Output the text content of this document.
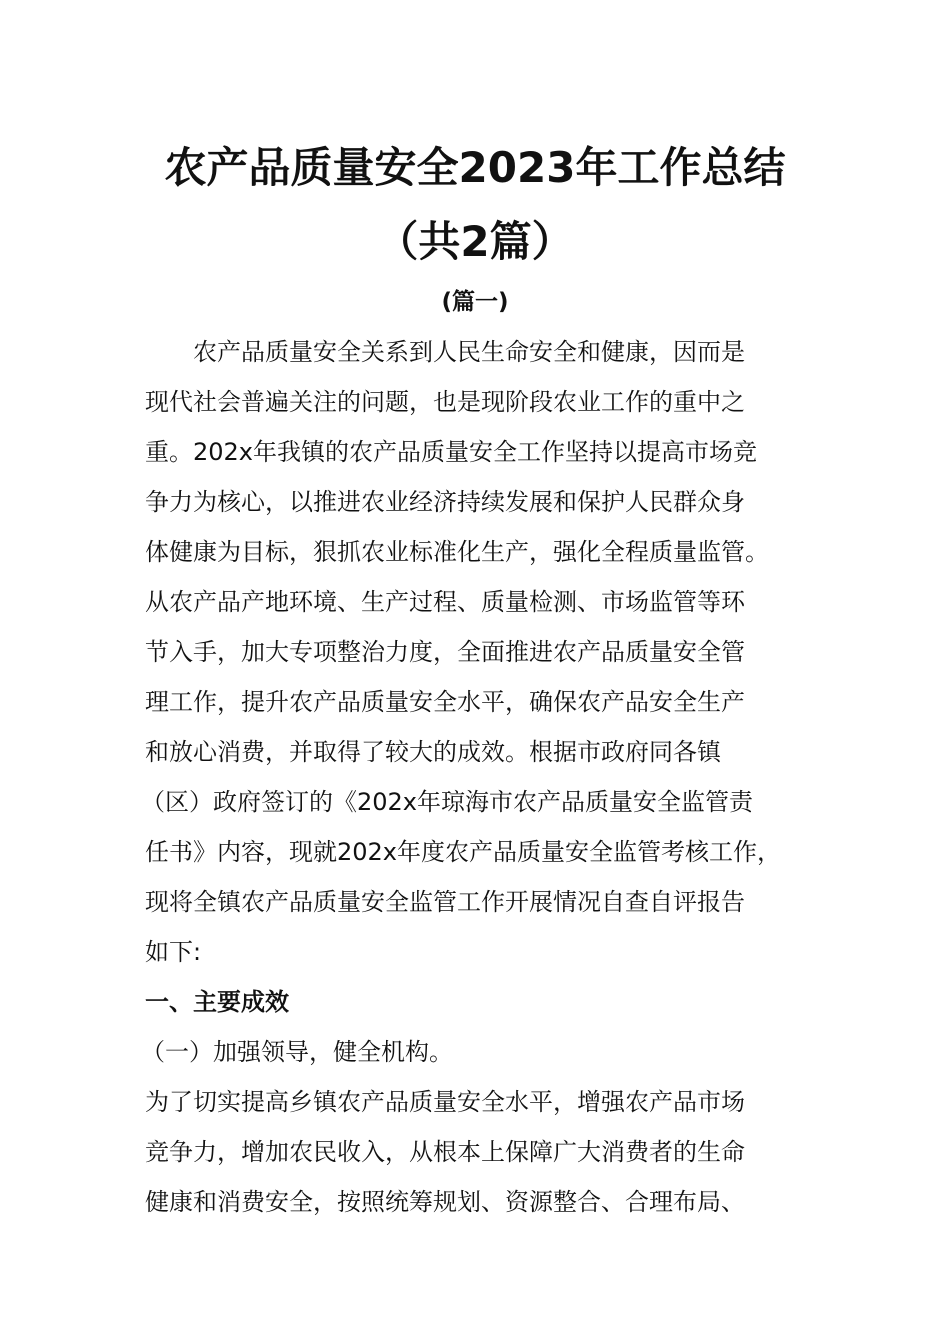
农产品质量安全2023年工作总结
（共2篇）
(篇一)
农产品质量安全关系到人民生命安全和健康，因而是
现代社会普遍关注的问题，也是现阶段农业工作的重中之
重。202x年我镇的农产品质量安全工作坚持以提高市场竞
争力为核心，以推进农业经济持续发展和保护人民群众身
体健康为目标，狠抓农业标准化生产，强化全程质量监管。
从农产品产地环境、生产过程、质量检测、市场监管等环
节入手，加大专项整治力度，全面推进农产品质量安全管
理工作，提升农产品质量安全水平，确保农产品安全生产
和放心消费，并取得了较大的成效。根据市政府同各镇
（区）政府签订的《202x年琼海市农产品质量安全监管责
任书》内容，现就202x年度农产品质量安全监管考核工作，
现将全镇农产品质量安全监管工作开展情况自查自评报告
如下:
一、主要成效
（一）加强领导，健全机构。
为了切实提高乡镇农产品质量安全水平，增强农产品市场
竞争力，增加农民收入，从根本上保障广大消费者的生命
健康和消费安全，按照统筹规划、资源整合、合理布局、
